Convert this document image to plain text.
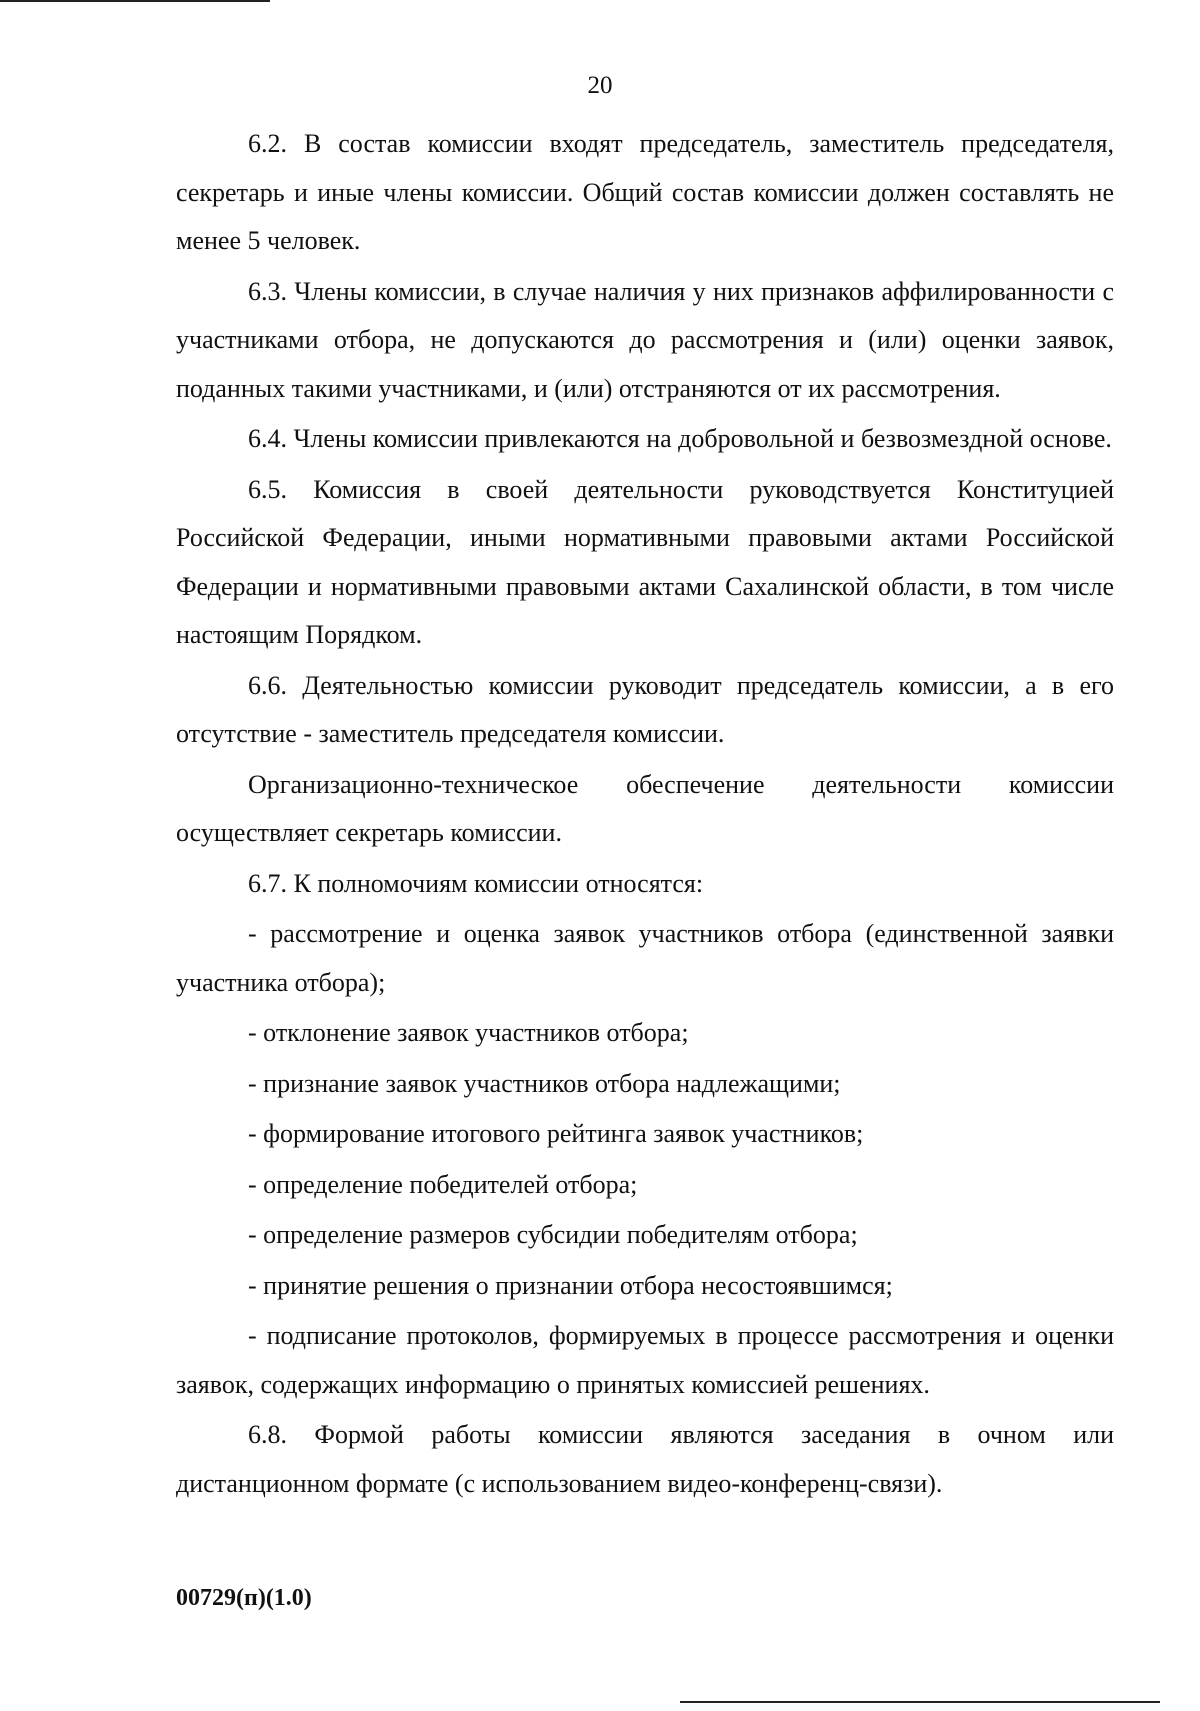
20

6.2. В состав комиссии входят председатель, заместитель председателя, секретарь и иные члены комиссии. Общий состав комиссии должен составлять не менее 5 человек.

6.3. Члены комиссии, в случае наличия у них признаков аффилированности с участниками отбора, не допускаются до рассмотрения и (или) оценки заявок, поданных такими участниками, и (или) отстраняются от их рассмотрения.

6.4. Члены комиссии привлекаются на добровольной и безвозмездной основе.

6.5. Комиссия в своей деятельности руководствуется Конституцией Российской Федерации, иными нормативными правовыми актами Российской Федерации и нормативными правовыми актами Сахалинской области, в том числе настоящим Порядком.

6.6. Деятельностью комиссии руководит председатель комиссии, а в его отсутствие - заместитель председателя комиссии.

Организационно-техническое обеспечение деятельности комиссии осуществляет секретарь комиссии.

6.7. К полномочиям комиссии относятся:

- рассмотрение и оценка заявок участников отбора (единственной заявки участника отбора);

- отклонение заявок участников отбора;

- признание заявок участников отбора надлежащими;

- формирование итогового рейтинга заявок участников;

- определение победителей отбора;

- определение размеров субсидии победителям отбора;

- принятие решения о признании отбора несостоявшимся;

- подписание протоколов, формируемых в процессе рассмотрения и оценки заявок, содержащих информацию о принятых комиссией решениях.

6.8. Формой работы комиссии являются заседания в очном или дистанционном формате (с использованием видео-конференц-связи).

00729(п)(1.0)
